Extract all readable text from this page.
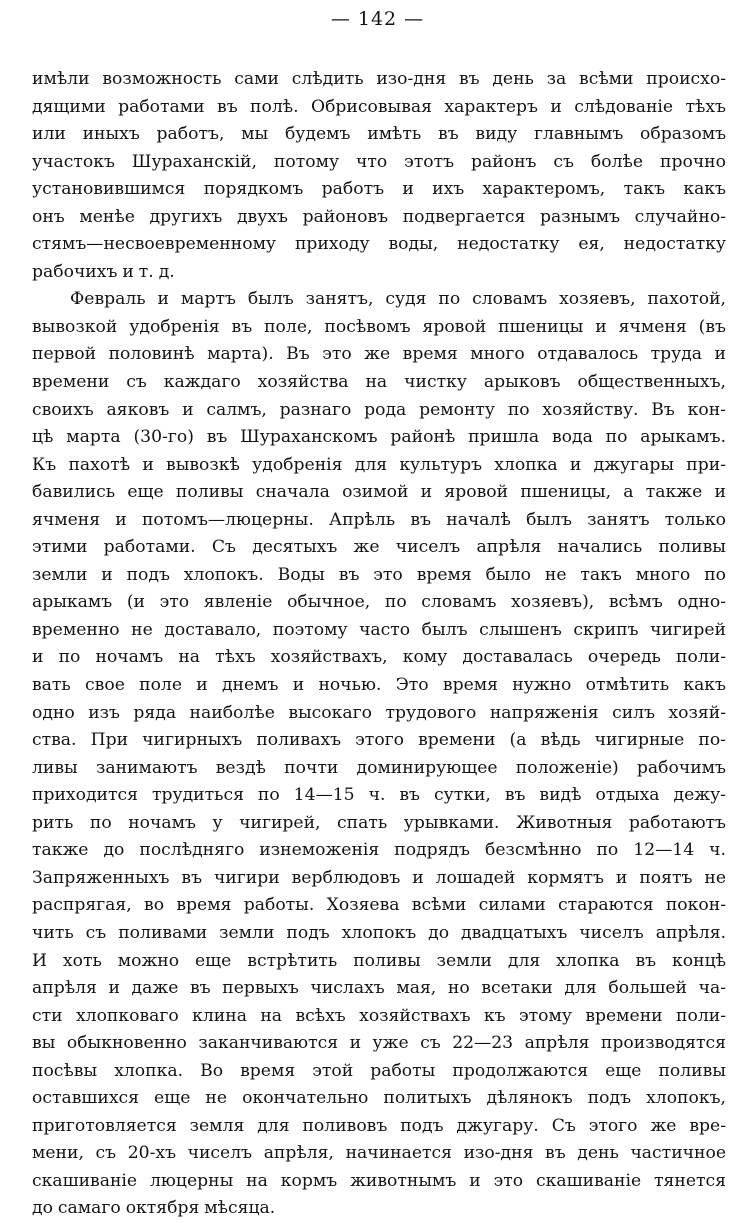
— 142 —
имѣли возможность сами слѣдить изо-дня въ день за всѣми происхо-
дящими работами въ полѣ. Обрисовывая характеръ и слѣдованіе тѣхъ
или иныхъ работъ, мы будемъ имѣть въ виду главнымъ образомъ
участокъ Шураханскій, потому что этотъ районъ съ болѣе прочно
установившимся порядкомъ работъ и ихъ характеромъ, такъ какъ
онъ менѣе другихъ двухъ районовъ подвергается разнымъ случайно-
стямъ—несвоевременному приходу воды, недостатку ея, недостатку
рабочихъ и т. д.
Февраль и мартъ былъ занятъ, судя по словамъ хозяевъ, пахотой,
вывозкой удобренія въ поле, посѣвомъ яровой пшеницы и ячменя (въ
первой половинѣ марта). Въ это же время много отдавалось труда и
времени съ каждаго хозяйства на чистку арыковъ общественныхъ,
своихъ аяковъ и салмъ, разнаго рода ремонту по хозяйству. Въ кон-
цѣ марта (30-го) въ Шураханскомъ районѣ пришла вода по арыкамъ.
Къ пахотѣ и вывозкѣ удобренія для культуръ хлопка и джугары при-
бавились еще поливы сначала озимой и яровой пшеницы, а также и
ячменя и потомъ—люцерны. Апрѣль въ началѣ былъ занятъ только
этими работами. Съ десятыхъ же чиселъ апрѣля начались поливы
земли и подъ хлопокъ. Воды въ это время было не такъ много по
арыкамъ (и это явленіе обычное, по словамъ хозяевъ), всѣмъ одно-
временно не доставало, поэтому часто былъ слышенъ скрипъ чигирей
и по ночамъ на тѣхъ хозяйствахъ, кому доставалась очередь поли-
вать свое поле и днемъ и ночью. Это время нужно отмѣтить какъ
одно изъ ряда наиболѣе высокаго трудового напряженія силъ хозяй-
ства. При чигирныхъ поливахъ этого времени (а вѣдь чигирные по-
ливы занимаютъ вездѣ почти доминирующее положеніе) рабочимъ
приходится трудиться по 14—15 ч. въ сутки, въ видѣ отдыха дежу-
рить по ночамъ у чигирей, спать урывками. Животныя работаютъ
также до послѣдняго изнеможенія подрядъ безсмѣнно по 12—14 ч.
Запряженныхъ въ чигири верблюдовъ и лошадей кормятъ и поятъ не
распрягая, во время работы. Хозяева всѣми силами стараются покон-
чить съ поливами земли подъ хлопокъ до двадцатыхъ чиселъ апрѣля.
И хоть можно еще встрѣтить поливы земли для хлопка въ концѣ
апрѣля и даже въ первыхъ числахъ мая, но всетаки для большей ча-
сти хлопковаго клина на всѣхъ хозяйствахъ къ этому времени поли-
вы обыкновенно заканчиваются и уже съ 22—23 апрѣля производятся
посѣвы хлопка. Во время этой работы продолжаются еще поливы
оставшихся еще не окончательно политыхъ дѣлянокъ подъ хлопокъ,
приготовляется земля для поливовъ подъ джугару. Съ этого же вре-
мени, съ 20-хъ чиселъ апрѣля, начинается изо-дня въ день частичное
скашиваніе люцерны на кормъ животнымъ и это скашиваніе тянется
до самаго октября мѣсяца.
